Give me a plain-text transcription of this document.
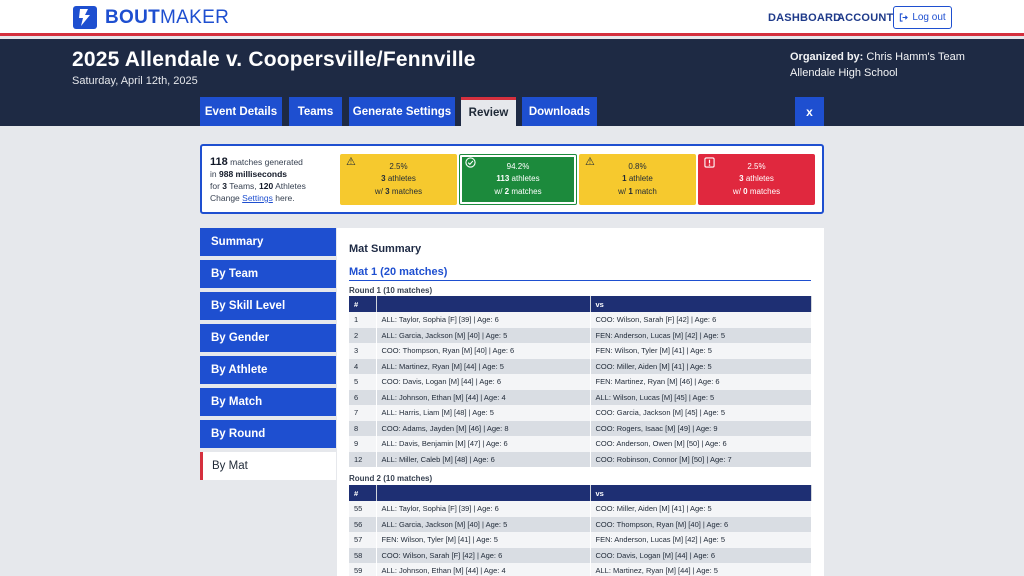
BOUTMAKER	DASHBOARD
ACCOUNT Log out
2025 Allendale v. Coopersville/Fennville
Saturday, April 12th, 2025
Organized by: Chris Hamm's Team
Allendale High School
Event Details	Teams	Generate Settings	Review	Downloads	x
118 matches generated
in 988 milliseconds
for 3 Teams, 120 Athletes
Change Settings here.
⚠	2.5%
3 athletes
w/ 3 matches
94.2%
113 athletes
w/ 2 matches
⚠	0.8%
1 athlete
w/ 1 match
2.5%
3 athletes
w/ 0 matches
Summary
By Team
By Skill Level
By Gender
By Athlete
By Match
By Round
By Mat
Mat Summary
Mat 1 (20 matches)
Round 1 (10 matches)
#		vs
1	ALL: Taylor, Sophia [F] [39] | Age: 6	COO: Wilson, Sarah [F] [42] | Age: 6
2	ALL: Garcia, Jackson [M] [40] | Age: 5	FEN: Anderson, Lucas [M] [42] | Age: 5
3	COO: Thompson, Ryan [M] [40] | Age: 6	FEN: Wilson, Tyler [M] [41] | Age: 5
4	ALL: Martinez, Ryan [M] [44] | Age: 5	COO: Miller, Aiden [M] [41] | Age: 5
5	COO: Davis, Logan [M] [44] | Age: 6	FEN: Martinez, Ryan [M] [46] | Age: 6
6	ALL: Johnson, Ethan [M] [44] | Age: 4	ALL: Wilson, Lucas [M] [45] | Age: 5
7	ALL: Harris, Liam [M] [48] | Age: 5	COO: Garcia, Jackson [M] [45] | Age: 5
8	COO: Adams, Jayden [M] [46] | Age: 8	COO: Rogers, Isaac [M] [49] | Age: 9
9	ALL: Davis, Benjamin [M] [47] | Age: 6	COO: Anderson, Owen [M] [50] | Age: 6
12	ALL: Miller, Caleb [M] [48] | Age: 6	COO: Robinson, Connor [M] [50] | Age: 7
Round 2 (10 matches)
#		vs
55	ALL: Taylor, Sophia [F] [39] | Age: 6	COO: Miller, Aiden [M] [41] | Age: 5
56	ALL: Garcia, Jackson [M] [40] | Age: 5	COO: Thompson, Ryan [M] [40] | Age: 6
57	FEN: Wilson, Tyler [M] [41] | Age: 5	FEN: Anderson, Lucas [M] [42] | Age: 5
58	COO: Wilson, Sarah [F] [42] | Age: 6	COO: Davis, Logan [M] [44] | Age: 6
59	ALL: Johnson, Ethan [M] [44] | Age: 4	ALL: Martinez, Ryan [M] [44] | Age: 5
